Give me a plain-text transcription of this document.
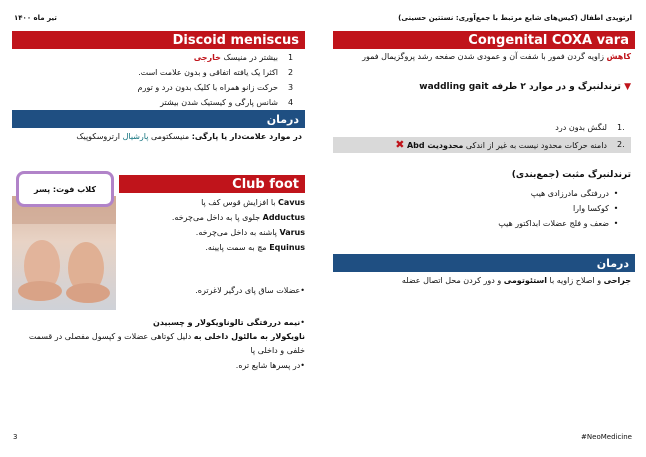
ارتوپدی اطفال (کیس‌های شایع مرتبط با جمع‌آوری: نستتین حسینی)
تیر ماه ۱۴۰۰
Congenital COXA vara
کاهش زاویه گردن فمور با شفت آن و عمودی شدن صفحه رشد پروگزیمال فمور
▼ ترندلنبرگ و در موارد ۲ طرفه waddling gait
1.
لنگش بدون درد
2.
دامنه حرکات محدود نیست به غیر از اندکی محدودیت Abd ✖
ترندلنبرگ مثبت (جمع‌بندی)
•
دررفتگی مادرزادی هیپ
•
کوکسا وارا
•
ضعف و فلج عضلات ابداکتور هیپ
درمان
جراحی و اصلاح زاویه با استئوتومی و دور کردن محل اتصال عضله
Discoid meniscus
1
بیشتر در منیسک خارجی
2
اکثرا یک یافته اتفاقی و بدون علامت است.
3
حرکت زانو همراه با کلیک بدون درد و تورم
4
شانس پارگی و کیستیک شدن بیشتر
درمان
در موارد علامت‌دار یا پارگی: منیسکتومی پارشیال ارتروسکوپیک
کلاب فوت: پسر	Club foot
Cavus با افزایش قوس کف پا
Adductus جلوی پا به داخل می‌چرخه.
Varus پاشنه به داخل می‌چرخه.
Equinus مچ به سمت پایینه.
•عضلات ساق پای درگیر لاغرتره.
•نیمه دررفتگی تالوناویکولار و چسبیدن
ناویکولار به مالئول داخلی به دلیل کوتاهی عضلات و کپسول مفصلی در قسمت خلفی و داخلی پا
•در پسرها شایع تره.
3	#NeoMedicine
